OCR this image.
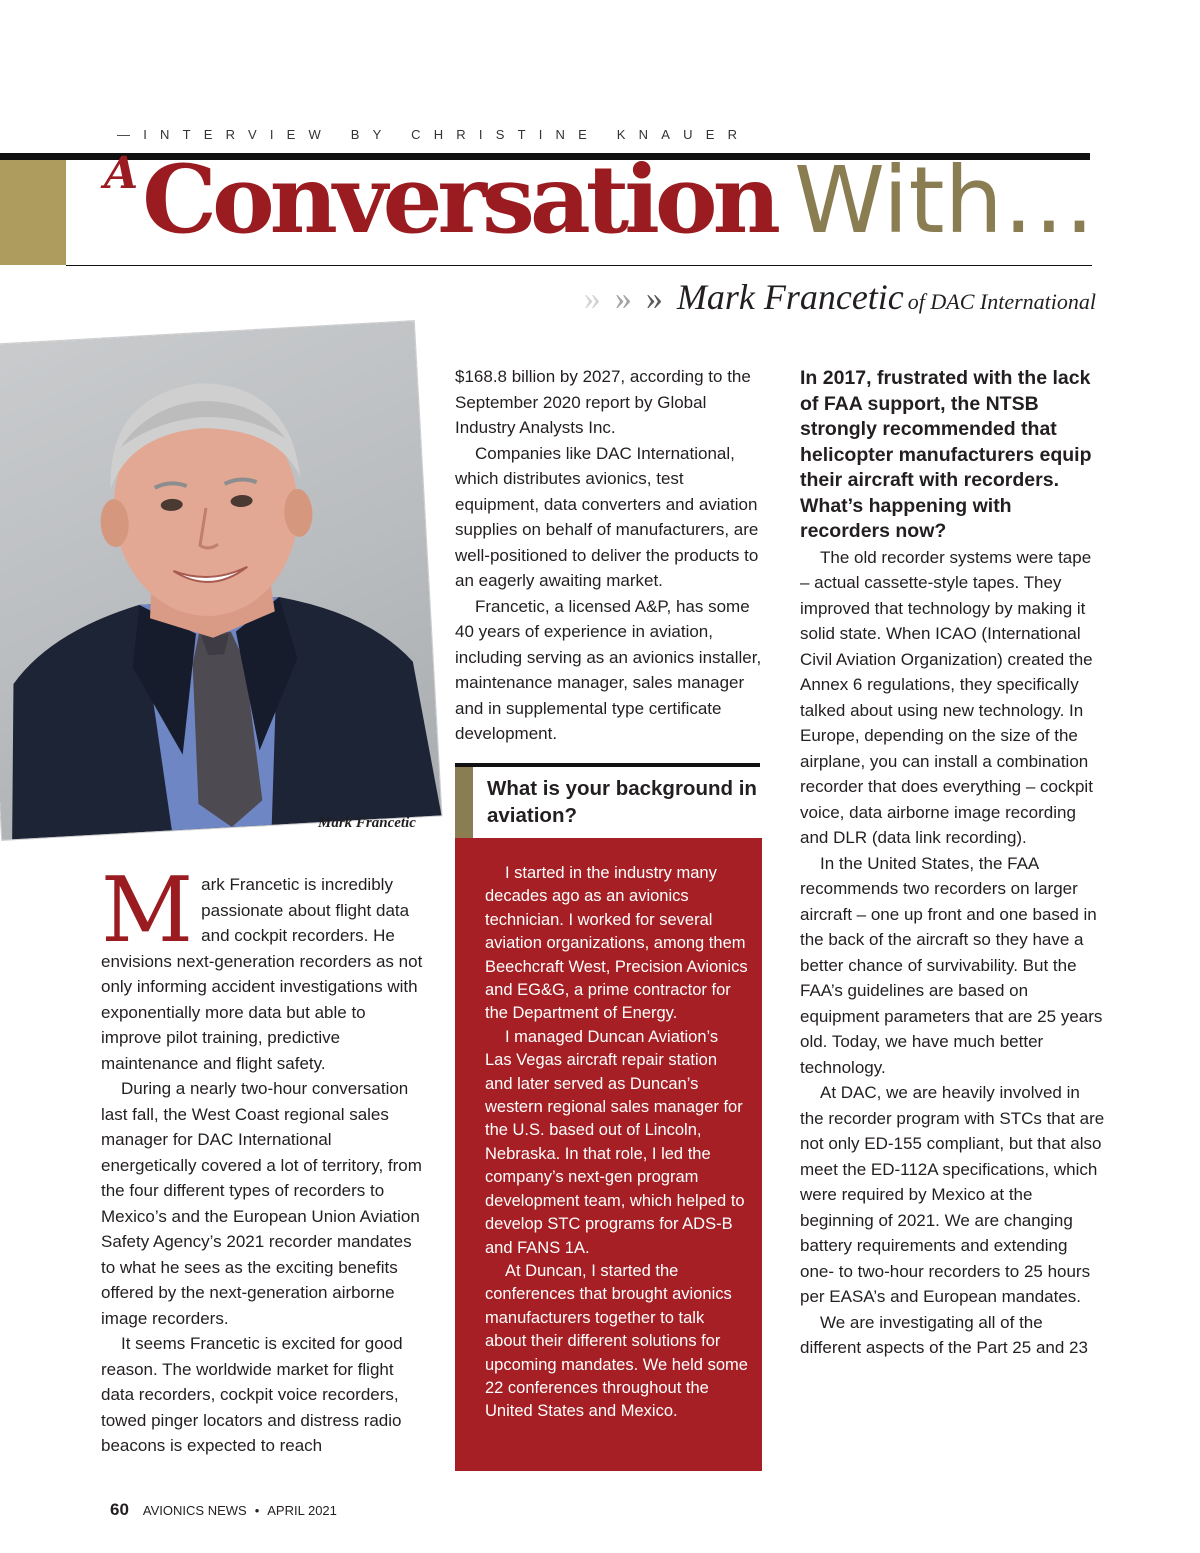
—INTERVIEW BY CHRISTINE KNAUER
AConversation With…
» » » Mark Francetic of DAC International
Mark Francetic
M ark Francetic is incredibly passionate about flight data and cockpit recorders. He envisions next-generation recorders as not only informing accident investigations with exponentially more data but able to improve pilot training, predictive maintenance and flight safety.

During a nearly two-hour conversation last fall, the West Coast regional sales manager for DAC International energetically covered a lot of territory, from the four different types of recorders to Mexico’s and the European Union Aviation Safety Agency’s 2021 recorder mandates to what he sees as the exciting benefits offered by the next-generation airborne image recorders.

It seems Francetic is excited for good reason. The worldwide market for flight data recorders, cockpit voice recorders, towed pinger locators and distress radio beacons is expected to reach

$168.8 billion by 2027, according to the September 2020 report by Global Industry Analysts Inc.

Companies like DAC International, which distributes avionics, test equipment, data converters and aviation supplies on behalf of manufacturers, are well-positioned to deliver the products to an eagerly awaiting market.

Francetic, a licensed A&P, has some 40 years of experience in aviation, including serving as an avionics installer, maintenance manager, sales manager and in supplemental type certificate development.

What is your background in aviation?

I started in the industry many decades ago as an avionics technician. I worked for several aviation organizations, among them Beechcraft West, Precision Avionics and EG&G, a prime contractor for the Department of Energy.

I managed Duncan Aviation’s Las Vegas aircraft repair station and later served as Duncan’s western regional sales manager for the U.S. based out of Lincoln, Nebraska. In that role, I led the company’s next-gen program development team, which helped to develop STC programs for ADS-B and FANS 1A.

At Duncan, I started the conferences that brought avionics manufacturers together to talk about their different solutions for upcoming mandates. We held some 22 conferences throughout the United States and Mexico.

In 2017, frustrated with the lack of FAA support, the NTSB strongly recommended that helicopter manufacturers equip their aircraft with recorders. What’s happening with recorders now?

The old recorder systems were tape – actual cassette-style tapes. They improved that technology by making it solid state. When ICAO (International Civil Aviation Organization) created the Annex 6 regulations, they specifically talked about using new technology. In Europe, depending on the size of the airplane, you can install a combination recorder that does everything – cockpit voice, data airborne image recording and DLR (data link recording).

In the United States, the FAA recommends two recorders on larger aircraft – one up front and one based in the back of the aircraft so they have a better chance of survivability. But the FAA’s guidelines are based on equipment parameters that are 25 years old. Today, we have much better technology.

At DAC, we are heavily involved in the recorder program with STCs that are not only ED-155 compliant, but that also meet the ED-112A specifications, which were required by Mexico at the beginning of 2021. We are changing battery requirements and extending one- to two-hour recorders to 25 hours per EASA’s and European mandates.

We are investigating all of the different aspects of the Part 25 and 23

60 AVIONICS NEWS • APRIL 2021
